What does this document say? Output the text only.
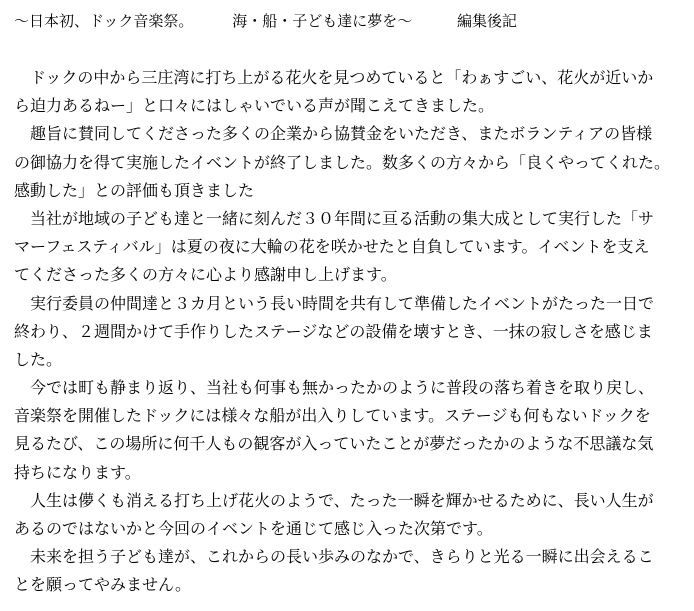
～日本初、ドック音楽祭。	海・船・子ども達に夢を～	編集後記
　ドックの中から三庄湾に打ち上がる花火を見つめていると「わぁすごい、花火が近いか
ら迫力あるねー」と口々にはしゃいでいる声が聞こえてきました。
　趣旨に賛同してくださった多くの企業から協賛金をいただき、またボランティアの皆様
の御協力を得て実施したイベントが終了しました。数多くの方々から「良くやってくれた。
感動した」との評価も頂きました
　当社が地域の子ども達と一緒に刻んだ３０年間に亘る活動の集大成として実行した「サ
マーフェスティバル」は夏の夜に大輪の花を咲かせたと自負しています。イベントを支え
てくださった多くの方々に心より感謝申し上げます。
　実行委員の仲間達と３カ月という長い時間を共有して準備したイベントがたった一日で
終わり、２週間かけて手作りしたステージなどの設備を壊すとき、一抹の寂しさを感じま
した。
　今では町も静まり返り、当社も何事も無かったかのように普段の落ち着きを取り戻し、
音楽祭を開催したドックには様々な船が出入りしています。ステージも何もないドックを
見るたび、この場所に何千人もの観客が入っていたことが夢だったかのような不思議な気
持ちになります。
　人生は儚くも消える打ち上げ花火のようで、たった一瞬を輝かせるために、長い人生が
あるのではないかと今回のイベントを通じて感じ入った次第です。
　未来を担う子ども達が、これからの長い歩みのなかで、きらりと光る一瞬に出会えるこ
とを願ってやみません。
